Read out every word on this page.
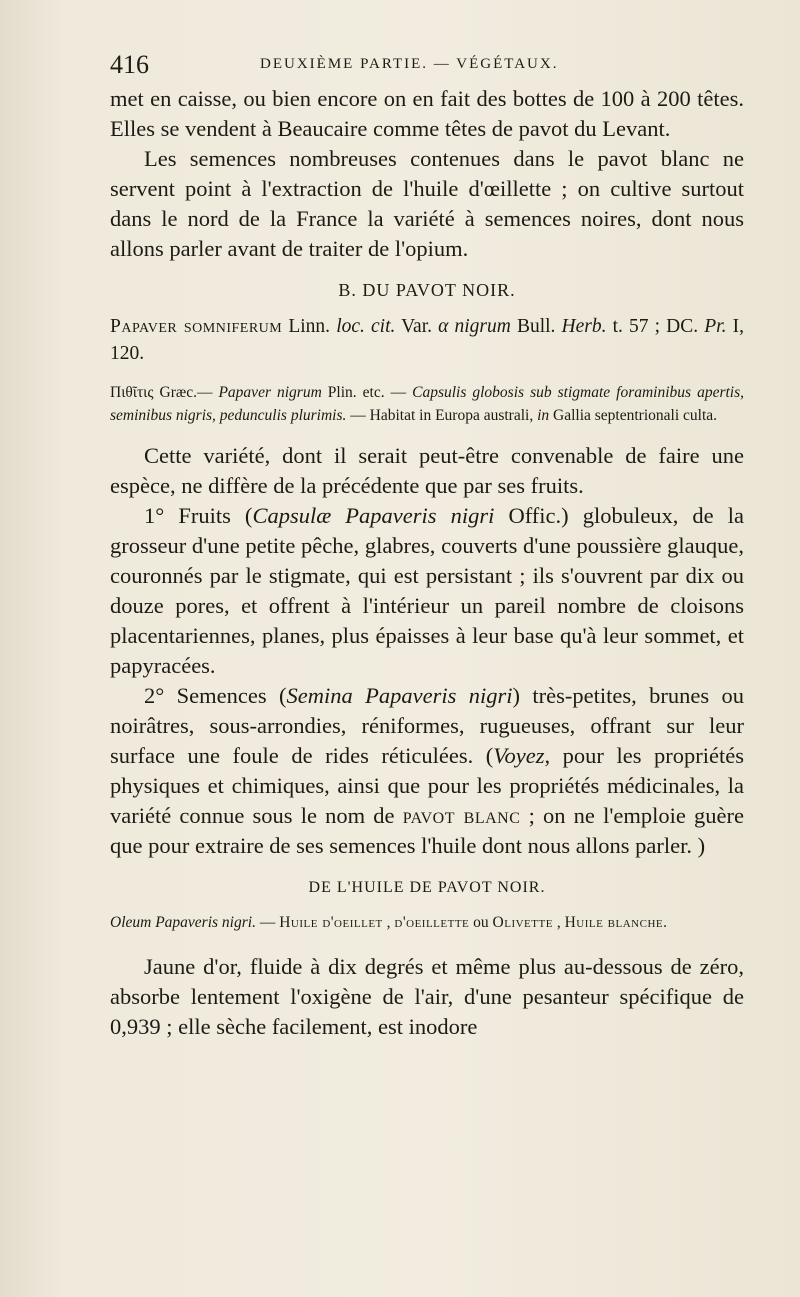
416	DEUXIÈME PARTIE. — VÉGÉTAUX.

met en caisse, ou bien encore on en fait des bottes de 100 à 200 têtes. Elles se vendent à Beaucaire comme têtes de pavot du Levant.

Les semences nombreuses contenues dans le pavot blanc ne servent point à l'extraction de l'huile d'œillette ; on cultive surtout dans le nord de la France la variété à semences noires, dont nous allons parler avant de traiter de l'opium.

B. DU PAVOT NOIR.

Papaver somniferum Linn. loc. cit. Var. α nigrum Bull. Herb. t. 57 ; DC. Pr. I, 120.

Πιθῖτις Græc.— Papaver nigrum Plin. etc. — Capsulis globosis sub stigmate foraminibus apertis, seminibus nigris, pedunculis plurimis. — Habitat in Europa australi, in Gallia septentrionali culta.

Cette variété, dont il serait peut-être convenable de faire une espèce, ne diffère de la précédente que par ses fruits.

1° Fruits (Capsulæ Papaveris nigri Offic.) globuleux, de la grosseur d'une petite pêche, glabres, couverts d'une poussière glauque, couronnés par le stigmate, qui est persistant ; ils s'ouvrent par dix ou douze pores, et offrent à l'intérieur un pareil nombre de cloisons placentariennes, planes, plus épaisses à leur base qu'à leur sommet, et papyracées.

2° Semences (Semina Papaveris nigri) très-petites, brunes ou noirâtres, sous-arrondies, réniformes, rugueuses, offrant sur leur surface une foule de rides réticulées. (Voyez, pour les propriétés physiques et chimiques, ainsi que pour les propriétés médicinales, la variété connue sous le nom de pavot blanc ; on ne l'emploie guère que pour extraire de ses semences l'huile dont nous allons parler. )

DE L'HUILE DE PAVOT NOIR.

Oleum Papaveris nigri. — Huile d'oeillet , d'oeillette ou Olivette , Huile blanche.

Jaune d'or, fluide à dix degrés et même plus au-dessous de zéro, absorbe lentement l'oxigène de l'air, d'une pesanteur spécifique de 0,939 ; elle sèche facilement, est inodore
